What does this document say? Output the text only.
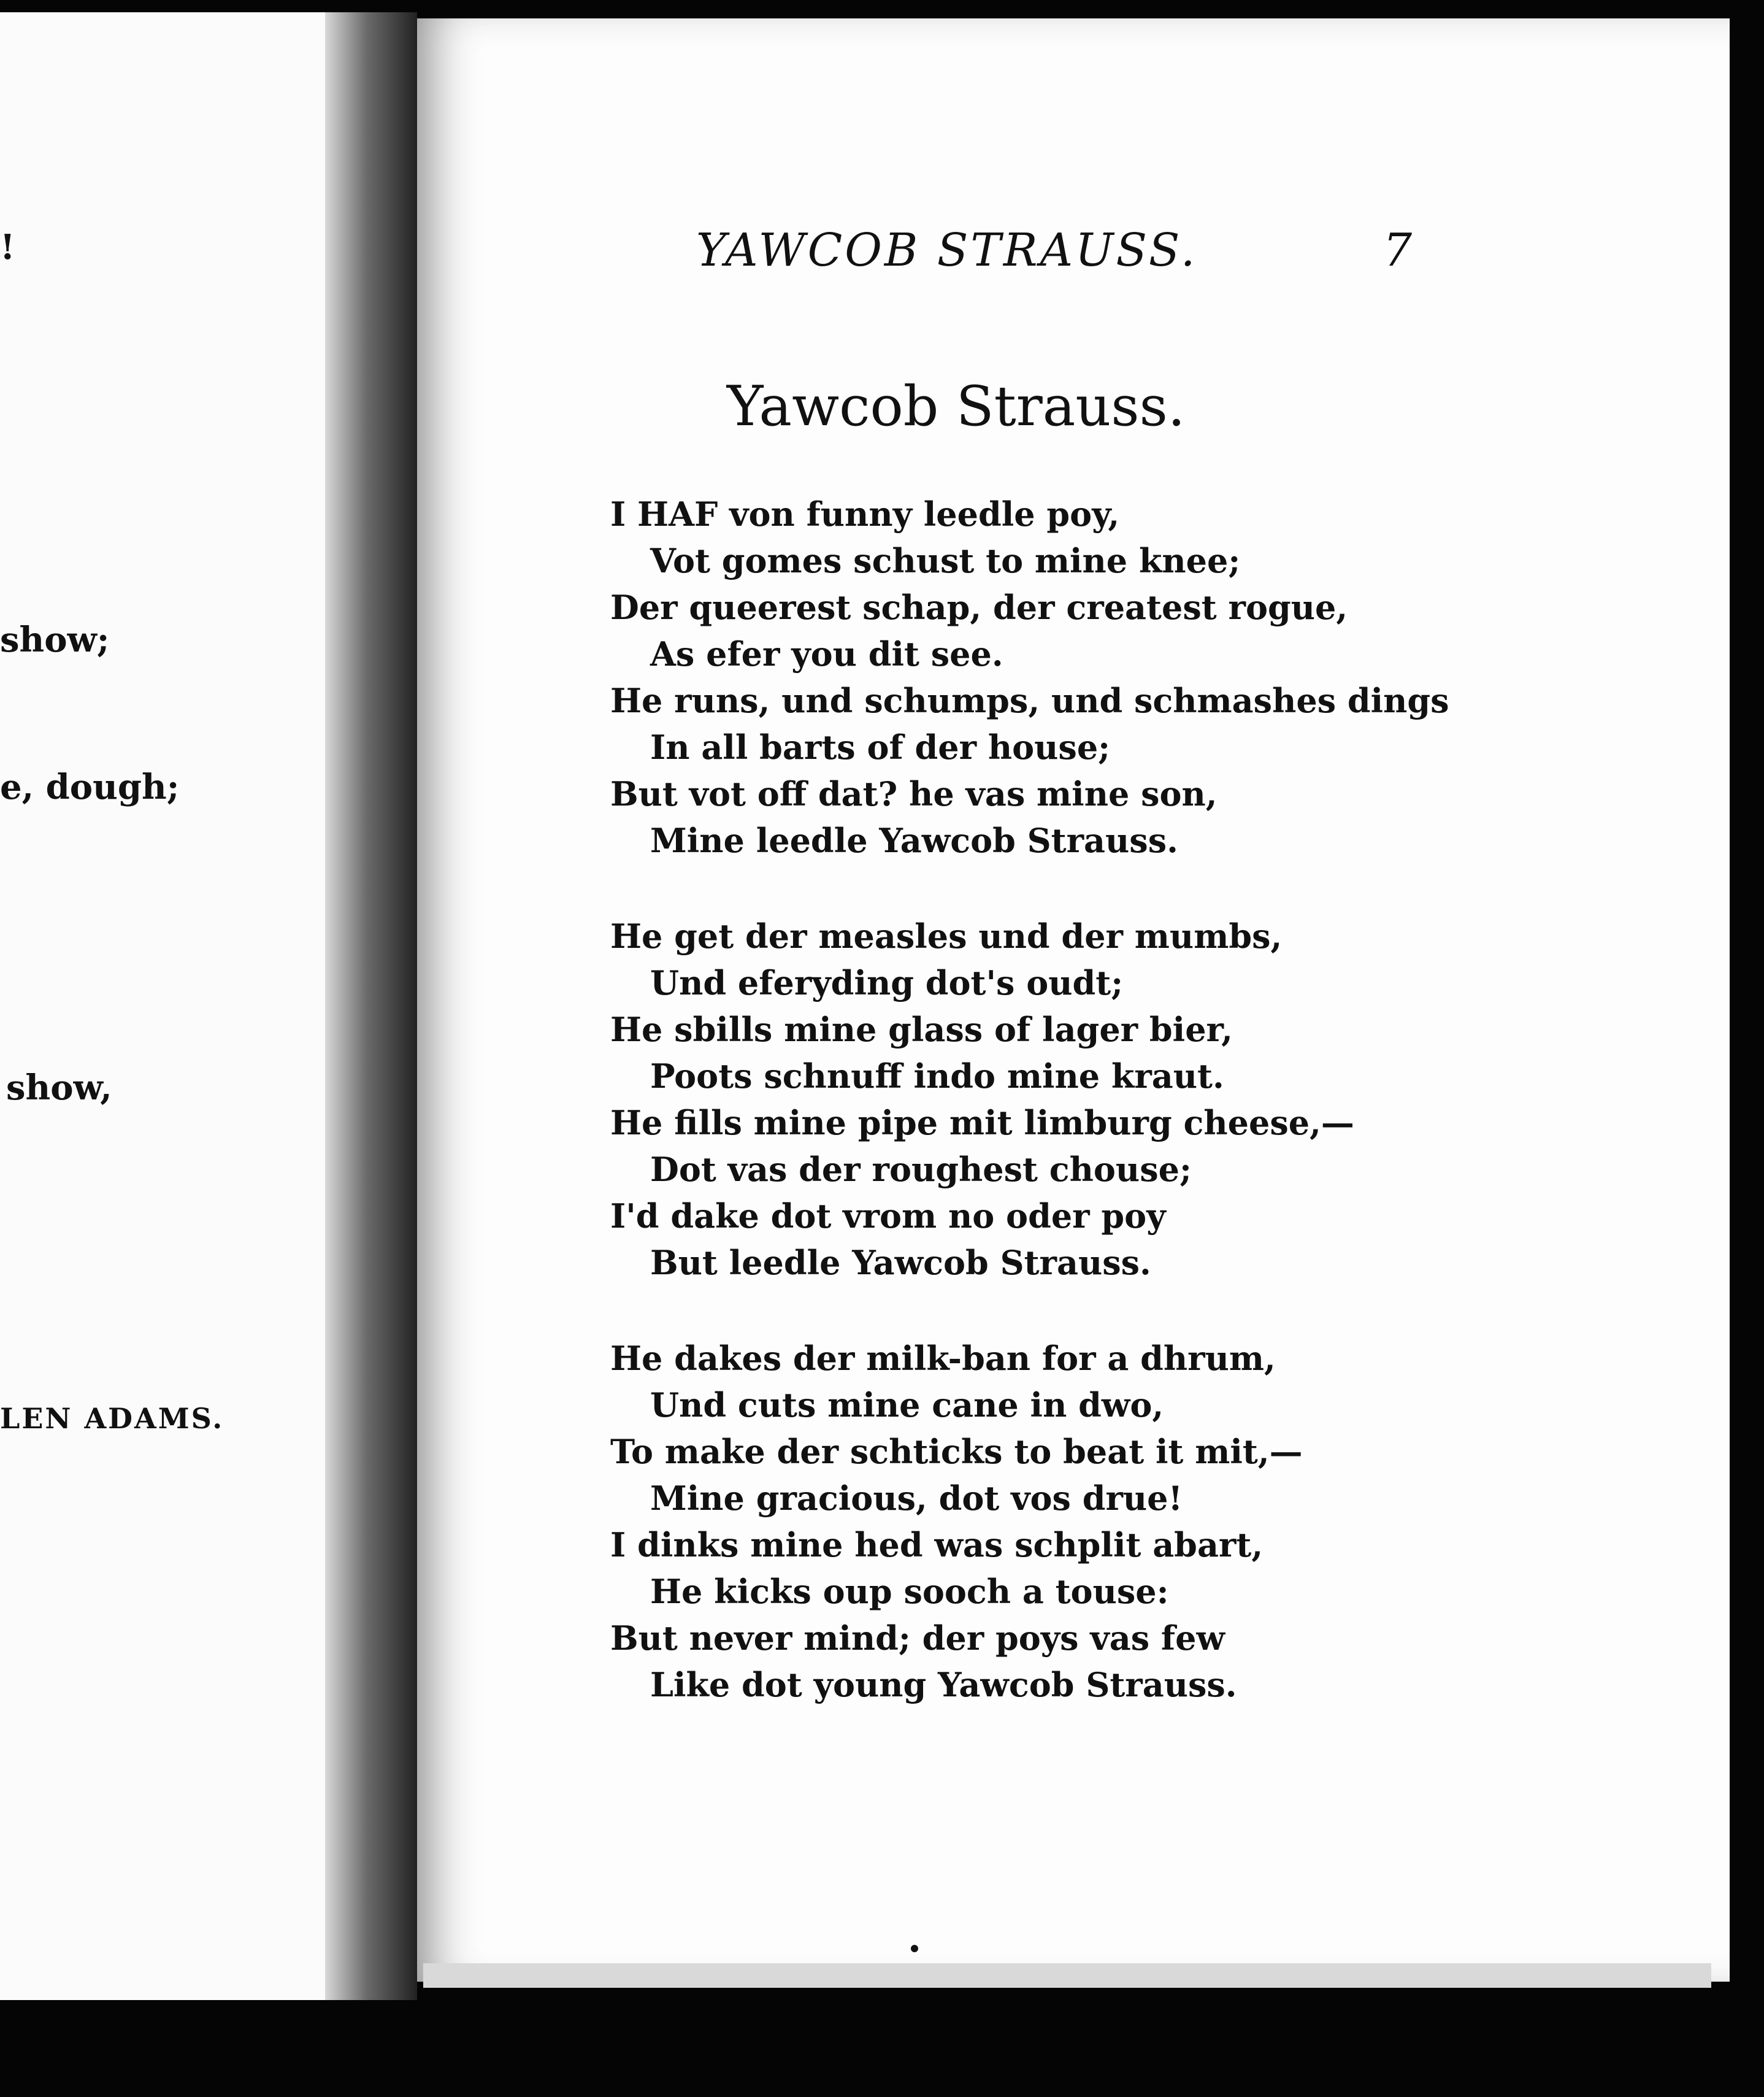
!
show;
e, dough;
show,
LEN ADAMS.
YAWCOB STRAUSS.	7
Yawcob Strauss.
I HAF von funny leedle poy,
Vot gomes schust to mine knee;
Der queerest schap, der createst rogue,
As efer you dit see.
He runs, und schumps, und schmashes dings
In all barts of der house;
But vot off dat? he vas mine son,
Mine leedle Yawcob Strauss.
He get der measles und der mumbs,
Und eferyding dot's oudt;
He sbills mine glass of lager bier,
Poots schnuff indo mine kraut.
He fills mine pipe mit limburg cheese,—
Dot vas der roughest chouse;
I'd dake dot vrom no oder poy
But leedle Yawcob Strauss.
He dakes der milk-ban for a dhrum,
Und cuts mine cane in dwo,
To make der schticks to beat it mit,—
Mine gracious, dot vos drue!
I dinks mine hed was schplit abart,
He kicks oup sooch a touse:
But never mind; der poys vas few
Like dot young Yawcob Strauss.
